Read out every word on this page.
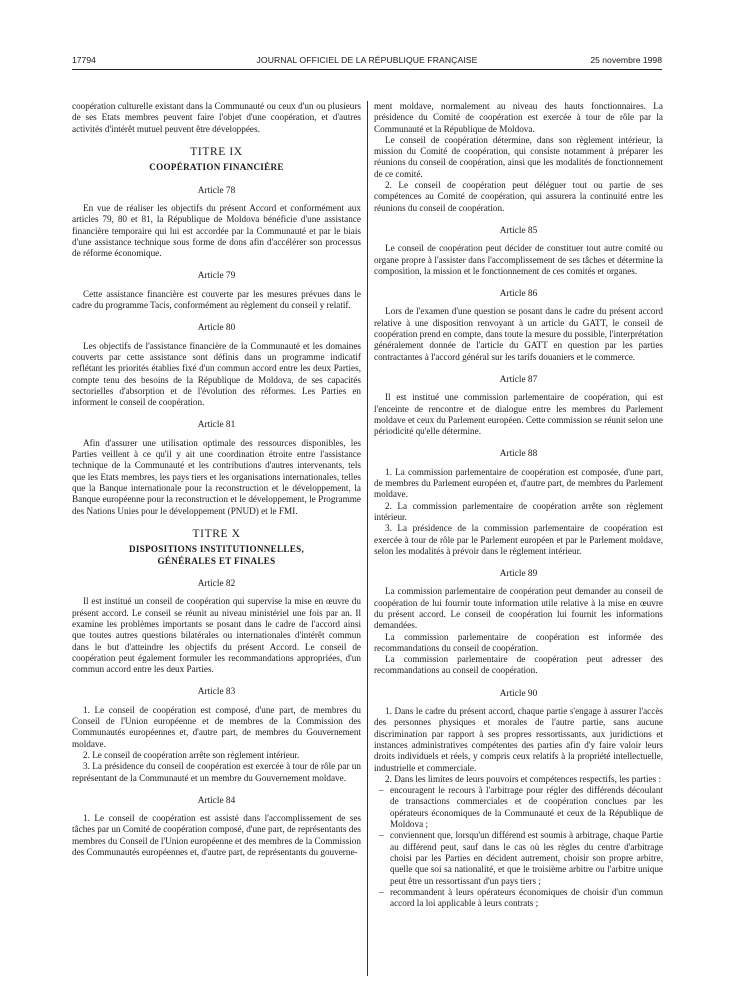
17794	JOURNAL OFFICIEL DE LA RÉPUBLIQUE FRANÇAISE	25 novembre 1998

coopération culturelle existant dans la Communauté ou ceux d'un ou plusieurs de ses Etats membres peuvent faire l'objet d'une coopération, et d'autres activités d'intérêt mutuel peuvent être développées.

TITRE IX
COOPÉRATION FINANCIÈRE
Article 78

En vue de réaliser les objectifs du présent Accord et conformément aux articles 79, 80 et 81, la République de Moldova bénéficie d'une assistance financière temporaire qui lui est accordée par la Communauté et par le biais d'une assistance technique sous forme de dons afin d'accélérer son processus de réforme économique.

Article 79

Cette assistance financière est couverte par les mesures prévues dans le cadre du programme Tacis, conformément au règlement du conseil y relatif.

Article 80

Les objectifs de l'assistance financière de la Communauté et les domaines couverts par cette assistance sont définis dans un programme indicatif reflétant les priorités établies fixé d'un commun accord entre les deux Parties, compte tenu des besoins de la République de Moldova, de ses capacités sectorielles d'absorption et de l'évolution des réformes. Les Parties en informent le conseil de coopération.

Article 81

Afin d'assurer une utilisation optimale des ressources disponibles, les Parties veillent à ce qu'il y ait une coordination étroite entre l'assistance technique de la Communauté et les contributions d'autres intervenants, tels que les Etats membres, les pays tiers et les organisations internationales, telles que la Banque internationale pour la reconstruction et le développement, la Banque européenne pour la reconstruction et le développement, le Programme des Nations Unies pour le développement (PNUD) et le FMI.

TITRE X
DISPOSITIONS INSTITUTIONNELLES,
GÉNÉRALES ET FINALES
Article 82

Il est institué un conseil de coopération qui supervise la mise en œuvre du présent accord. Le conseil se réunit au niveau ministériel une fois par an. Il examine les problèmes importants se posant dans le cadre de l'accord ainsi que toutes autres questions bilatérales ou internationales d'intérêt commun dans le but d'atteindre les objectifs du présent Accord. Le conseil de coopération peut également formuler les recommandations appropriées, d'un commun accord entre les deux Parties.

Article 83

1. Le conseil de coopération est composé, d'une part, de membres du Conseil de l'Union européenne et de membres de la Commission des Communautés européennes et, d'autre part, de membres du Gouvernement moldave.

2. Le conseil de coopération arrête son règlement intérieur.

3. La présidence du conseil de coopération est exercée à tour de rôle par un représentant de la Communauté et un membre du Gouvernement moldave.

Article 84

1. Le conseil de coopération est assisté dans l'accomplissement de ses tâches par un Comité de coopération composé, d'une part, de représentants des membres du Conseil de l'Union européenne et des membres de la Commission des Communautés européennes et, d'autre part, de représentants du gouverne-

ment moldave, normalement au niveau des hauts fonctionnaires. La présidence du Comité de coopération est exercée à tour de rôle par la Communauté et la République de Moldova.

Le conseil de coopération détermine, dans son règlement intérieur, la mission du Comité de coopération, qui consiste notamment à préparer les réunions du conseil de coopération, ainsi que les modalités de fonctionnement de ce comité.

2. Le conseil de coopération peut déléguer tout ou partie de ses compétences au Comité de coopération, qui assurera la continuité entre les réunions du conseil de coopération.

Article 85

Le conseil de coopération peut décider de constituer tout autre comité ou organe propre à l'assister dans l'accomplissement de ses tâches et détermine la composition, la mission et le fonctionnement de ces comités et organes.

Article 86

Lors de l'examen d'une question se posant dans le cadre du présent accord relative à une disposition renvoyant à un article du GATT, le conseil de coopération prend en compte, dans toute la mesure du possible, l'interprétation généralement donnée de l'article du GATT en question par les parties contractantes à l'accord général sur les tarifs douaniers et le commerce.

Article 87

Il est institué une commission parlementaire de coopération, qui est l'enceinte de rencontre et de dialogue entre les membres du Parlement moldave et ceux du Parlement européen. Cette commission se réunit selon une périodicité qu'elle détermine.

Article 88

1. La commission parlementaire de coopération est composée, d'une part, de membres du Parlement européen et, d'autre part, de membres du Parlement moldave.

2. La commission parlementaire de coopération arrête son règlement intérieur.

3. La présidence de la commission parlementaire de coopération est exercée à tour de rôle par le Parlement européen et par le Parlement moldave, selon les modalités à prévoir dans le règlement intérieur.

Article 89

La commission parlementaire de coopération peut demander au conseil de coopération de lui fournir toute information utile relative à la mise en œuvre du présent accord. Le conseil de coopération lui fournit les informations demandées.

La commission parlementaire de coopération est informée des recommandations du conseil de coopération.

La commission parlementaire de coopération peut adresser des recommandations au conseil de coopération.

Article 90

1. Dans le cadre du présent accord, chaque partie s'engage à assurer l'accès des personnes physiques et morales de l'autre partie, sans aucune discrimination par rapport à ses propres ressortissants, aux juridictions et instances administratives compétentes des parties afin d'y faire valoir leurs droits individuels et réels, y compris ceux relatifs à la propriété intellectuelle, industrielle et commerciale.

2. Dans les limites de leurs pouvoirs et compétences respectifs, les parties :

– encouragent le recours à l'arbitrage pour régler des différends découlant de transactions commerciales et de coopération conclues par les opérateurs économiques de la Communauté et ceux de la République de Moldova ;
– conviennent que, lorsqu'un différend est soumis à arbitrage, chaque Partie au différend peut, sauf dans le cas où les règles du centre d'arbitrage choisi par les Parties en décident autrement, choisir son propre arbitre, quelle que soi sa nationalité, et que le troisième arbitre ou l'arbitre unique peut être un ressortissant d'un pays tiers ;
– recommandent à leurs opérateurs économiques de choisir d'un commun accord la loi applicable à leurs contrats ;
